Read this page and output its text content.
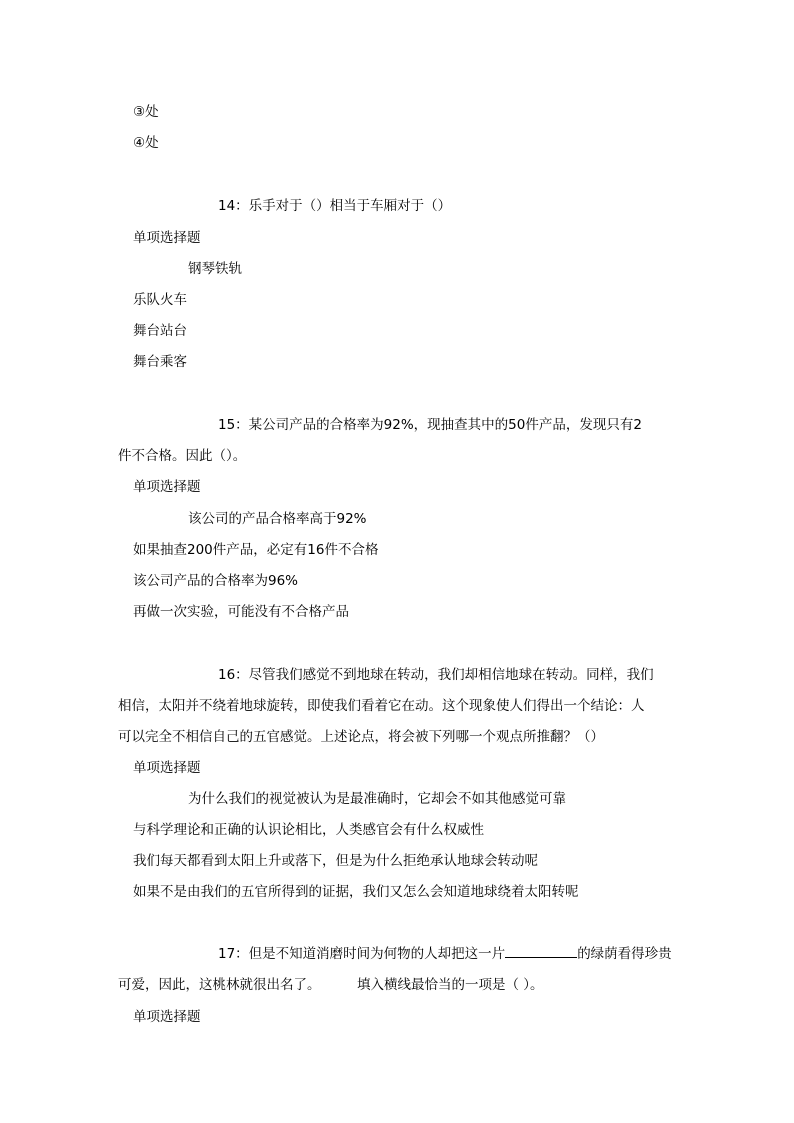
③处
④处
14：乐手对于（）相当于车厢对于（）
单项选择题
钢琴铁轨
乐队火车
舞台站台
舞台乘客
15：某公司产品的合格率为92%，现抽查其中的50件产品，发现只有2
件不合格。因此（）。
单项选择题
该公司的产品合格率高于92%
如果抽查200件产品，必定有16件不合格
该公司产品的合格率为96%
再做一次实验，可能没有不合格产品
16：尽管我们感觉不到地球在转动，我们却相信地球在转动。同样，我们
相信，太阳并不绕着地球旋转，即使我们看着它在动。这个现象使人们得出一个结论：人
可以完全不相信自己的五官感觉。上述论点，将会被下列哪一个观点所推翻？（）
单项选择题
为什么我们的视觉被认为是最准确时，它却会不如其他感觉可靠
与科学理论和正确的认识论相比，人类感官会有什么权威性
我们每天都看到太阳上升或落下，但是为什么拒绝承认地球会转动呢
如果不是由我们的五官所得到的证据，我们又怎么会知道地球绕着太阳转呢
17：但是不知道消磨时间为何物的人却把这一片	的绿荫看得珍贵
可爱，因此，这桃林就很出名了。	填入横线最恰当的一项是（ ）。
单项选择题
